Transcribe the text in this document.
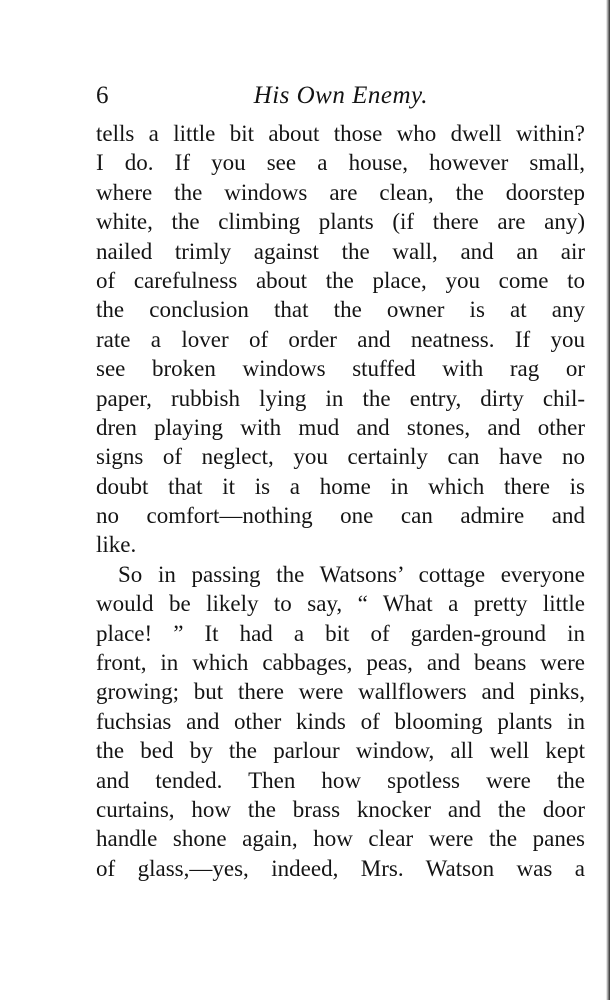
6	His Own Enemy.
tells a little bit about those who dwell within?
I do. If you see a house, however small,
where the windows are clean, the doorstep
white, the climbing plants (if there are any)
nailed trimly against the wall, and an air
of carefulness about the place, you come to
the conclusion that the owner is at any
rate a lover of order and neatness. If you
see broken windows stuffed with rag or
paper, rubbish lying in the entry, dirty chil-
dren playing with mud and stones, and other
signs of neglect, you certainly can have no
doubt that it is a home in which there is
no comfort—nothing one can admire and
like.
So in passing the Watsons’ cottage everyone
would be likely to say, “ What a pretty little
place! ” It had a bit of garden-ground in
front, in which cabbages, peas, and beans were
growing; but there were wallflowers and pinks,
fuchsias and other kinds of blooming plants in
the bed by the parlour window, all well kept
and tended. Then how spotless were the
curtains, how the brass knocker and the door
handle shone again, how clear were the panes
of glass,—yes, indeed, Mrs. Watson was a
